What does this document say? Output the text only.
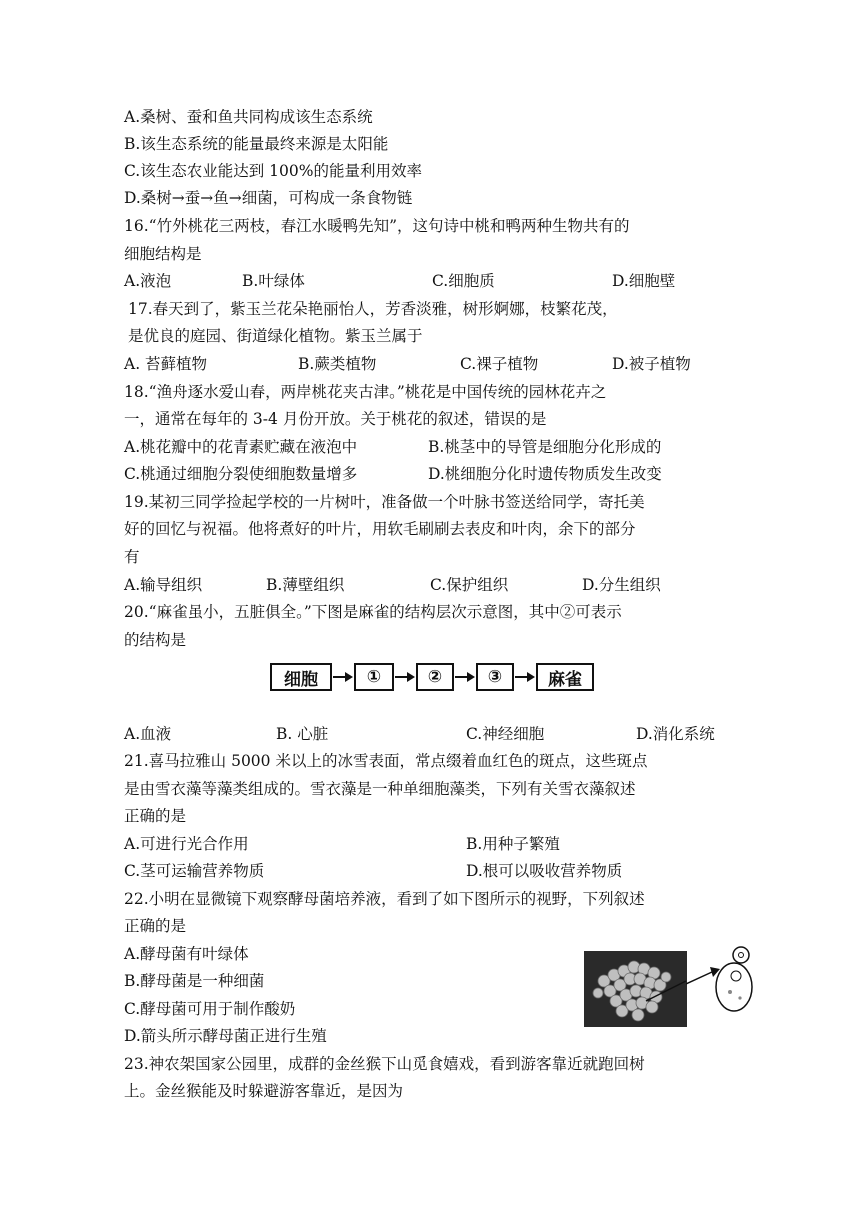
A.桑树、蚕和鱼共同构成该生态系统
B.该生态系统的能量最终来源是太阳能
C.该生态农业能达到 100%的能量利用效率
D.桑树→蚕→鱼→细菌，可构成一条食物链
16.“竹外桃花三两枝，春江水暖鸭先知”，这句诗中桃和鸭两种生物共有的
细胞结构是
A.液泡	B.叶绿体	C.细胞质	D.细胞壁
17.春天到了，紫玉兰花朵艳丽怡人，芳香淡雅，树形婀娜，枝繁花茂，
是优良的庭园、街道绿化植物。紫玉兰属于
A. 苔藓植物	B.蕨类植物	C.裸子植物	D.被子植物
18.“渔舟逐水爱山春，两岸桃花夹古津。”桃花是中国传统的园林花卉之
一，通常在每年的 3-4 月份开放。关于桃花的叙述，错误的是
A.桃花瓣中的花青素贮藏在液泡中	B.桃茎中的导管是细胞分化形成的
C.桃通过细胞分裂使细胞数量增多	D.桃细胞分化时遗传物质发生改变
19.某初三同学捡起学校的一片树叶，准备做一个叶脉书签送给同学，寄托美
好的回忆与祝福。他将煮好的叶片，用软毛刷刷去表皮和叶肉，余下的部分
有
A.输导组织	B.薄壁组织	C.保护组织	D.分生组织
20.“麻雀虽小，五脏俱全。”下图是麻雀的结构层次示意图，其中②可表示
的结构是
细胞	①	②	③	麻雀
A.血液	B. 心脏	C.神经细胞	D.消化系统
21.喜马拉雅山 5000 米以上的冰雪表面，常点缀着血红色的斑点，这些斑点
是由雪衣藻等藻类组成的。雪衣藻是一种单细胞藻类，下列有关雪衣藻叙述
正确的是
A.可进行光合作用	B.用种子繁殖
C.茎可运输营养物质	D.根可以吸收营养物质
22.小明在显微镜下观察酵母菌培养液，看到了如下图所示的视野，下列叙述
正确的是
A.酵母菌有叶绿体
B.酵母菌是一种细菌
C.酵母菌可用于制作酸奶
D.箭头所示酵母菌正进行生殖
23.神农架国家公园里，成群的金丝猴下山觅食嬉戏，看到游客靠近就跑回树
上。金丝猴能及时躲避游客靠近，是因为
